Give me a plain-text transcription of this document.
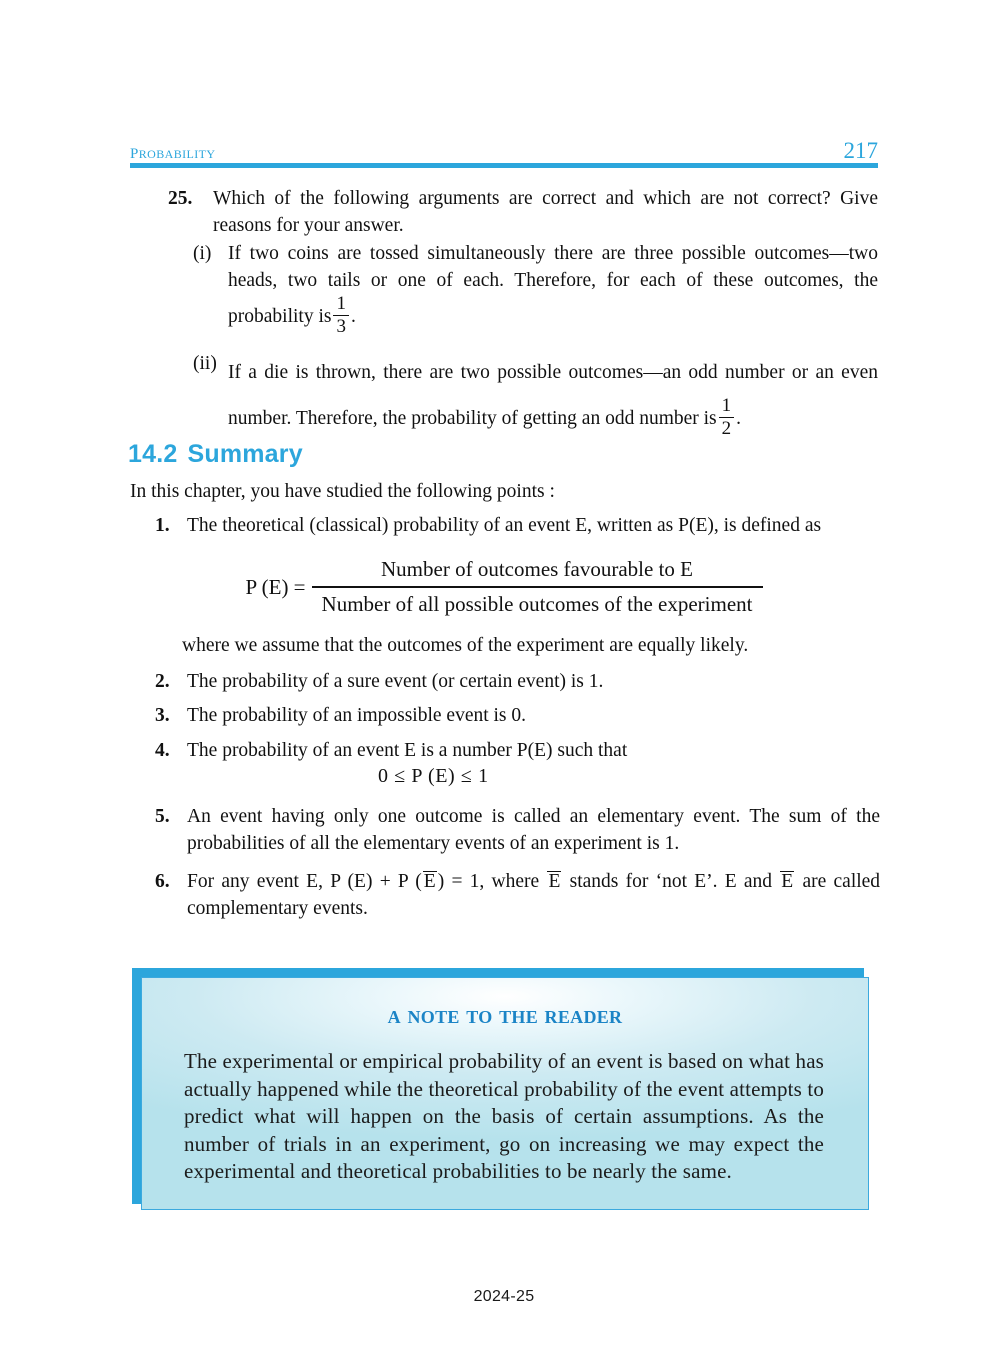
probability	217
25. Which of the following arguments are correct and which are not correct? Give reasons for your answer.
(i) If two coins are tossed simultaneously there are three possible outcomes—two heads, two tails or one of each. Therefore, for each of these outcomes, the probability is $\frac{1}{3}$ .
(ii) If a die is thrown, there are two possible outcomes—an odd number or an even number. Therefore, the probability of getting an odd number is $\frac{1}{2}$ .
14.2 Summary
In this chapter, you have studied the following points :
1. The theoretical (classical) probability of an event E, written as P(E), is defined as
P $(E) = \frac{\text{Number of outcomes favourable to E}}{\text{Number of all possible outcomes of the experiment}}$
where we assume that the outcomes of the experiment are equally likely.
2. The probability of a sure event (or certain event) is 1.
3. The probability of an impossible event is 0.
4. The probability of an event E is a number P(E) such that
0 ≤ P (E) ≤ 1
5. An event having only one outcome is called an elementary event. The sum of the probabilities of all the elementary events of an experiment is 1.
6. For any event E, P (E) + P ( E ) = 1, where E stands for ‘not E’. E and E are called complementary events.
a note to the reader
The experimental or empirical probability of an event is based on what has actually happened while the theoretical probability of the event attempts to predict what will happen on the basis of certain assumptions. As the number of trials in an experiment, go on increasing we may expect the experimental and theoretical probabilities to be nearly the same.
2024-25
